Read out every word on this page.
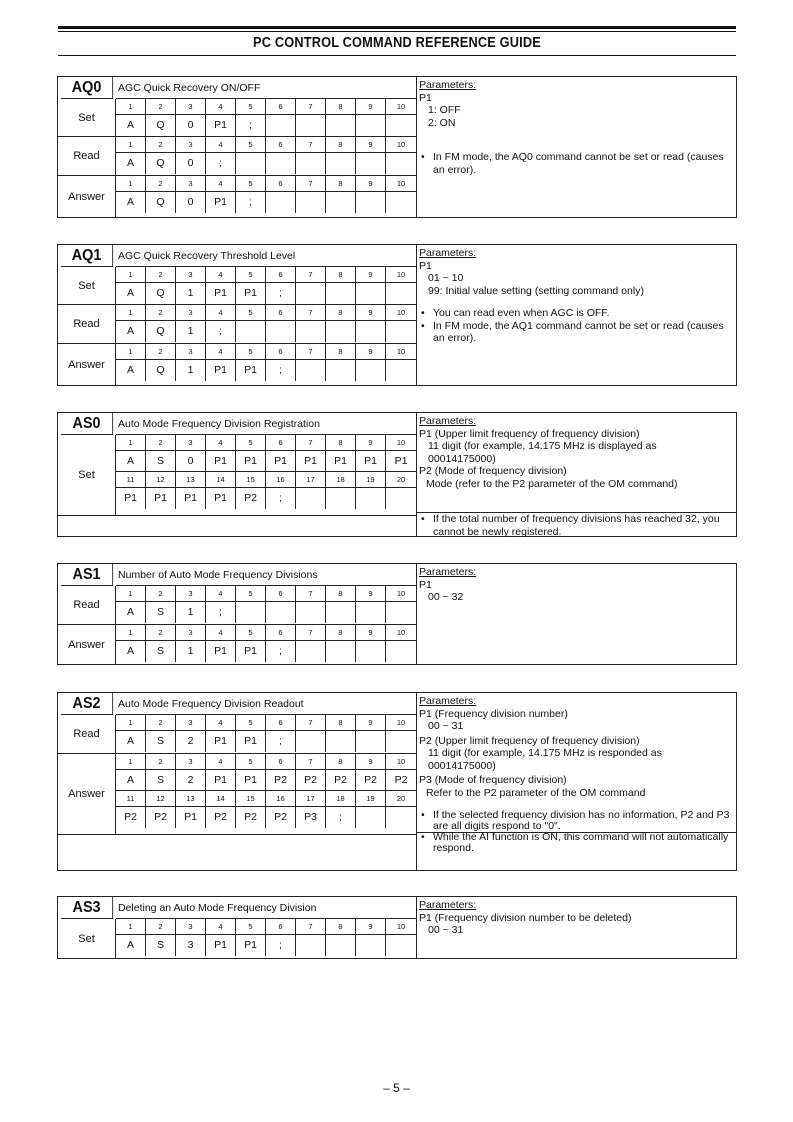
PC CONTROL COMMAND REFERENCE GUIDE
AQ0	AGC Quick Recovery ON/OFF
Set
1	2	3	4	5	6	7	8	9	10
A	Q	0	P1	;
Read
1	2	3	4	5	6	7	8	9	10
A	Q	0	;
Answer
1	2	3	4	5	6	7	8	9	10
A	Q	0	P1	;
Parameters:
P1
1: OFF
2: ON
• In FM mode, the AQ0 command cannot be set or read (causes an error).
AQ1	AGC Quick Recovery Threshold Level
Set
1	2	3	4	5	6	7	8	9	10
A	Q	1	P1	P1	;
Read
1	2	3	4	5	6	7	8	9	10
A	Q	1	;
Answer
1	2	3	4	5	6	7	8	9	10
A	Q	1	P1	P1	;
Parameters:
P1
01 ~ 10
99: Initial value setting (setting command only)
• You can read even when AGC is OFF.
• In FM mode, the AQ1 command cannot be set or read (causes an error).
AS0	Auto Mode Frequency Division Registration
Set
1	2	3	4	5	6	7	8	9	10
A	S	0	P1	P1	P1	P1	P1	P1	P1
11	12	13	14	15	16	17	18	19	20
P1	P1	P1	P1	P2	;
Parameters:
P1 (Upper limit frequency of frequency division)
11 digit (for example, 14.175 MHz is displayed as 00014175000)
P2 (Mode of frequency division)
Mode (refer to the P2 parameter of the OM command)
• If the total number of frequency divisions has reached 32, you cannot be newly registered.
AS1	Number of Auto Mode Frequency Divisions
Read
1	2	3	4	5	6	7	8	9	10
A	S	1	;
Answer
1	2	3	4	5	6	7	8	9	10
A	S	1	P1	P1	;
Parameters:
P1
00 ~ 32
AS2	Auto Mode Frequency Division Readout
Read
1	2	3	4	5	6	7	8	9	10
A	S	2	P1	P1	;
Answer
1	2	3	4	5	6	7	8	9	10
A	S	2	P1	P1	P2	P2	P2	P2	P2
11	12	13	14	15	16	17	18	19	20
P2	P2	P1	P2	P2	P2	P3	;
Parameters:
P1 (Frequency division number)
00 ~ 31
P2 (Upper limit frequency of frequency division)
11 digit (for example, 14.175 MHz is responded as 00014175000)
P3 (Mode of frequency division)
Refer to the P2 parameter of the OM command
• If the selected frequency division has no information, P2 and P3 are all digits respond to "0".
• While the AI function is ON, this command will not automatically respond.
AS3	Deleting an Auto Mode Frequency Division
Set
1	2	3	4	5	6	7	8	9	10
A	S	3	P1	P1	;
Parameters:
P1 (Frequency division number to be deleted)
00 ~ 31
– 5 –
